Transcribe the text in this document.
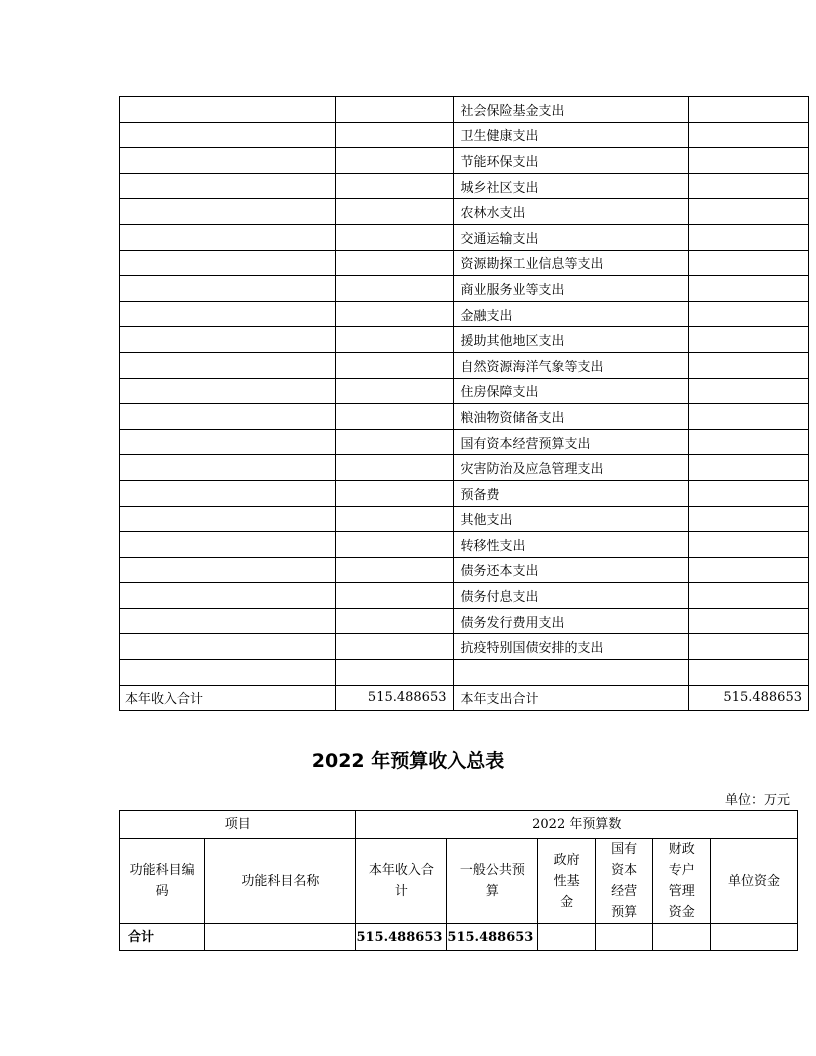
		社会保险基金支出	
		卫生健康支出	
		节能环保支出	
		城乡社区支出	
		农林水支出	
		交通运输支出	
		资源勘探工业信息等支出	
		商业服务业等支出	
		金融支出	
		援助其他地区支出	
		自然资源海洋气象等支出	
		住房保障支出	
		粮油物资储备支出	
		国有资本经营预算支出	
		灾害防治及应急管理支出	
		预备费	
		其他支出	
		转移性支出	
		债务还本支出	
		债务付息支出	
		债务发行费用支出	
		抗疫特别国债安排的支出	

本年收入合计	515.488653	本年支出合计	515.488653
2022 年预算收入总表
单位：万元
项目		2022 年预算数					
功能科目编码	功能科目名称	本年收入合计	一般公共预算	政府性基金	国有资本经营预算	财政专户管理资金	单位资金
合计		515.488653	515.488653				
